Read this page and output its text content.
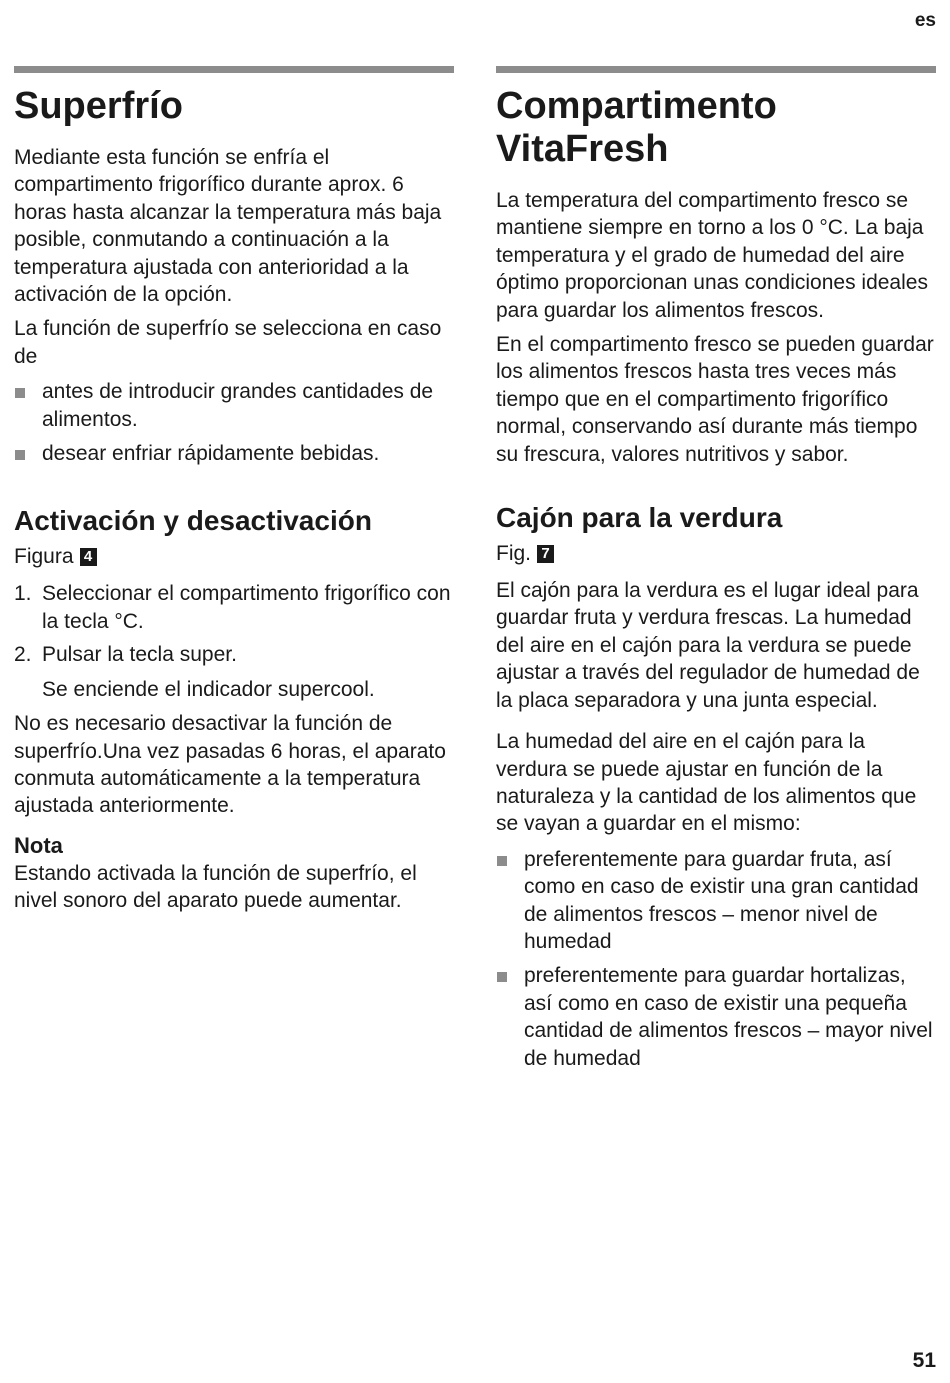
es
Superfrío

Mediante esta función se enfría el compartimento frigorífico durante aprox. 6 horas hasta alcanzar la temperatura más baja posible, conmutando a continuación a la temperatura ajustada con anterioridad a la activación de la opción.

La función de superfrío se selecciona en caso de

antes de introducir grandes cantidades de alimentos.
desear enfriar rápidamente bebidas.
Activación y desactivación
Figura 4
1. Seleccionar el compartimento frigorífico con la tecla °C.
2. Pulsar la tecla super.

Se enciende el indicador supercool.

No es necesario desactivar la función de superfrío.Una vez pasadas 6 horas, el aparato conmuta automáticamente a la temperatura ajustada anteriormente.

Nota

Estando activada la función de superfrío, el nivel sonoro del aparato puede aumentar.

Compartimento VitaFresh

La temperatura del compartimento fresco se mantiene siempre en torno a los 0 °C. La baja temperatura y el grado de humedad del aire óptimo proporcionan unas condiciones ideales para guardar los alimentos frescos.

En el compartimento fresco se pueden guardar los alimentos frescos hasta tres veces más tiempo que en el compartimento frigorífico normal, conservando así durante más tiempo su frescura, valores nutritivos y sabor.

Cajón para la verdura
Fig. 7

El cajón para la verdura es el lugar ideal para guardar fruta y verdura frescas. La humedad del aire en el cajón para la verdura se puede ajustar a través del regulador de humedad de la placa separadora y una junta especial.

La humedad del aire en el cajón para la verdura se puede ajustar en función de la naturaleza y la cantidad de los alimentos que se vayan a guardar en el mismo:

preferentemente para guardar fruta, así como en caso de existir una gran cantidad de alimentos frescos – menor nivel de humedad
preferentemente para guardar hortalizas, así como en caso de existir una pequeña cantidad de alimentos frescos – mayor nivel de humedad
51
